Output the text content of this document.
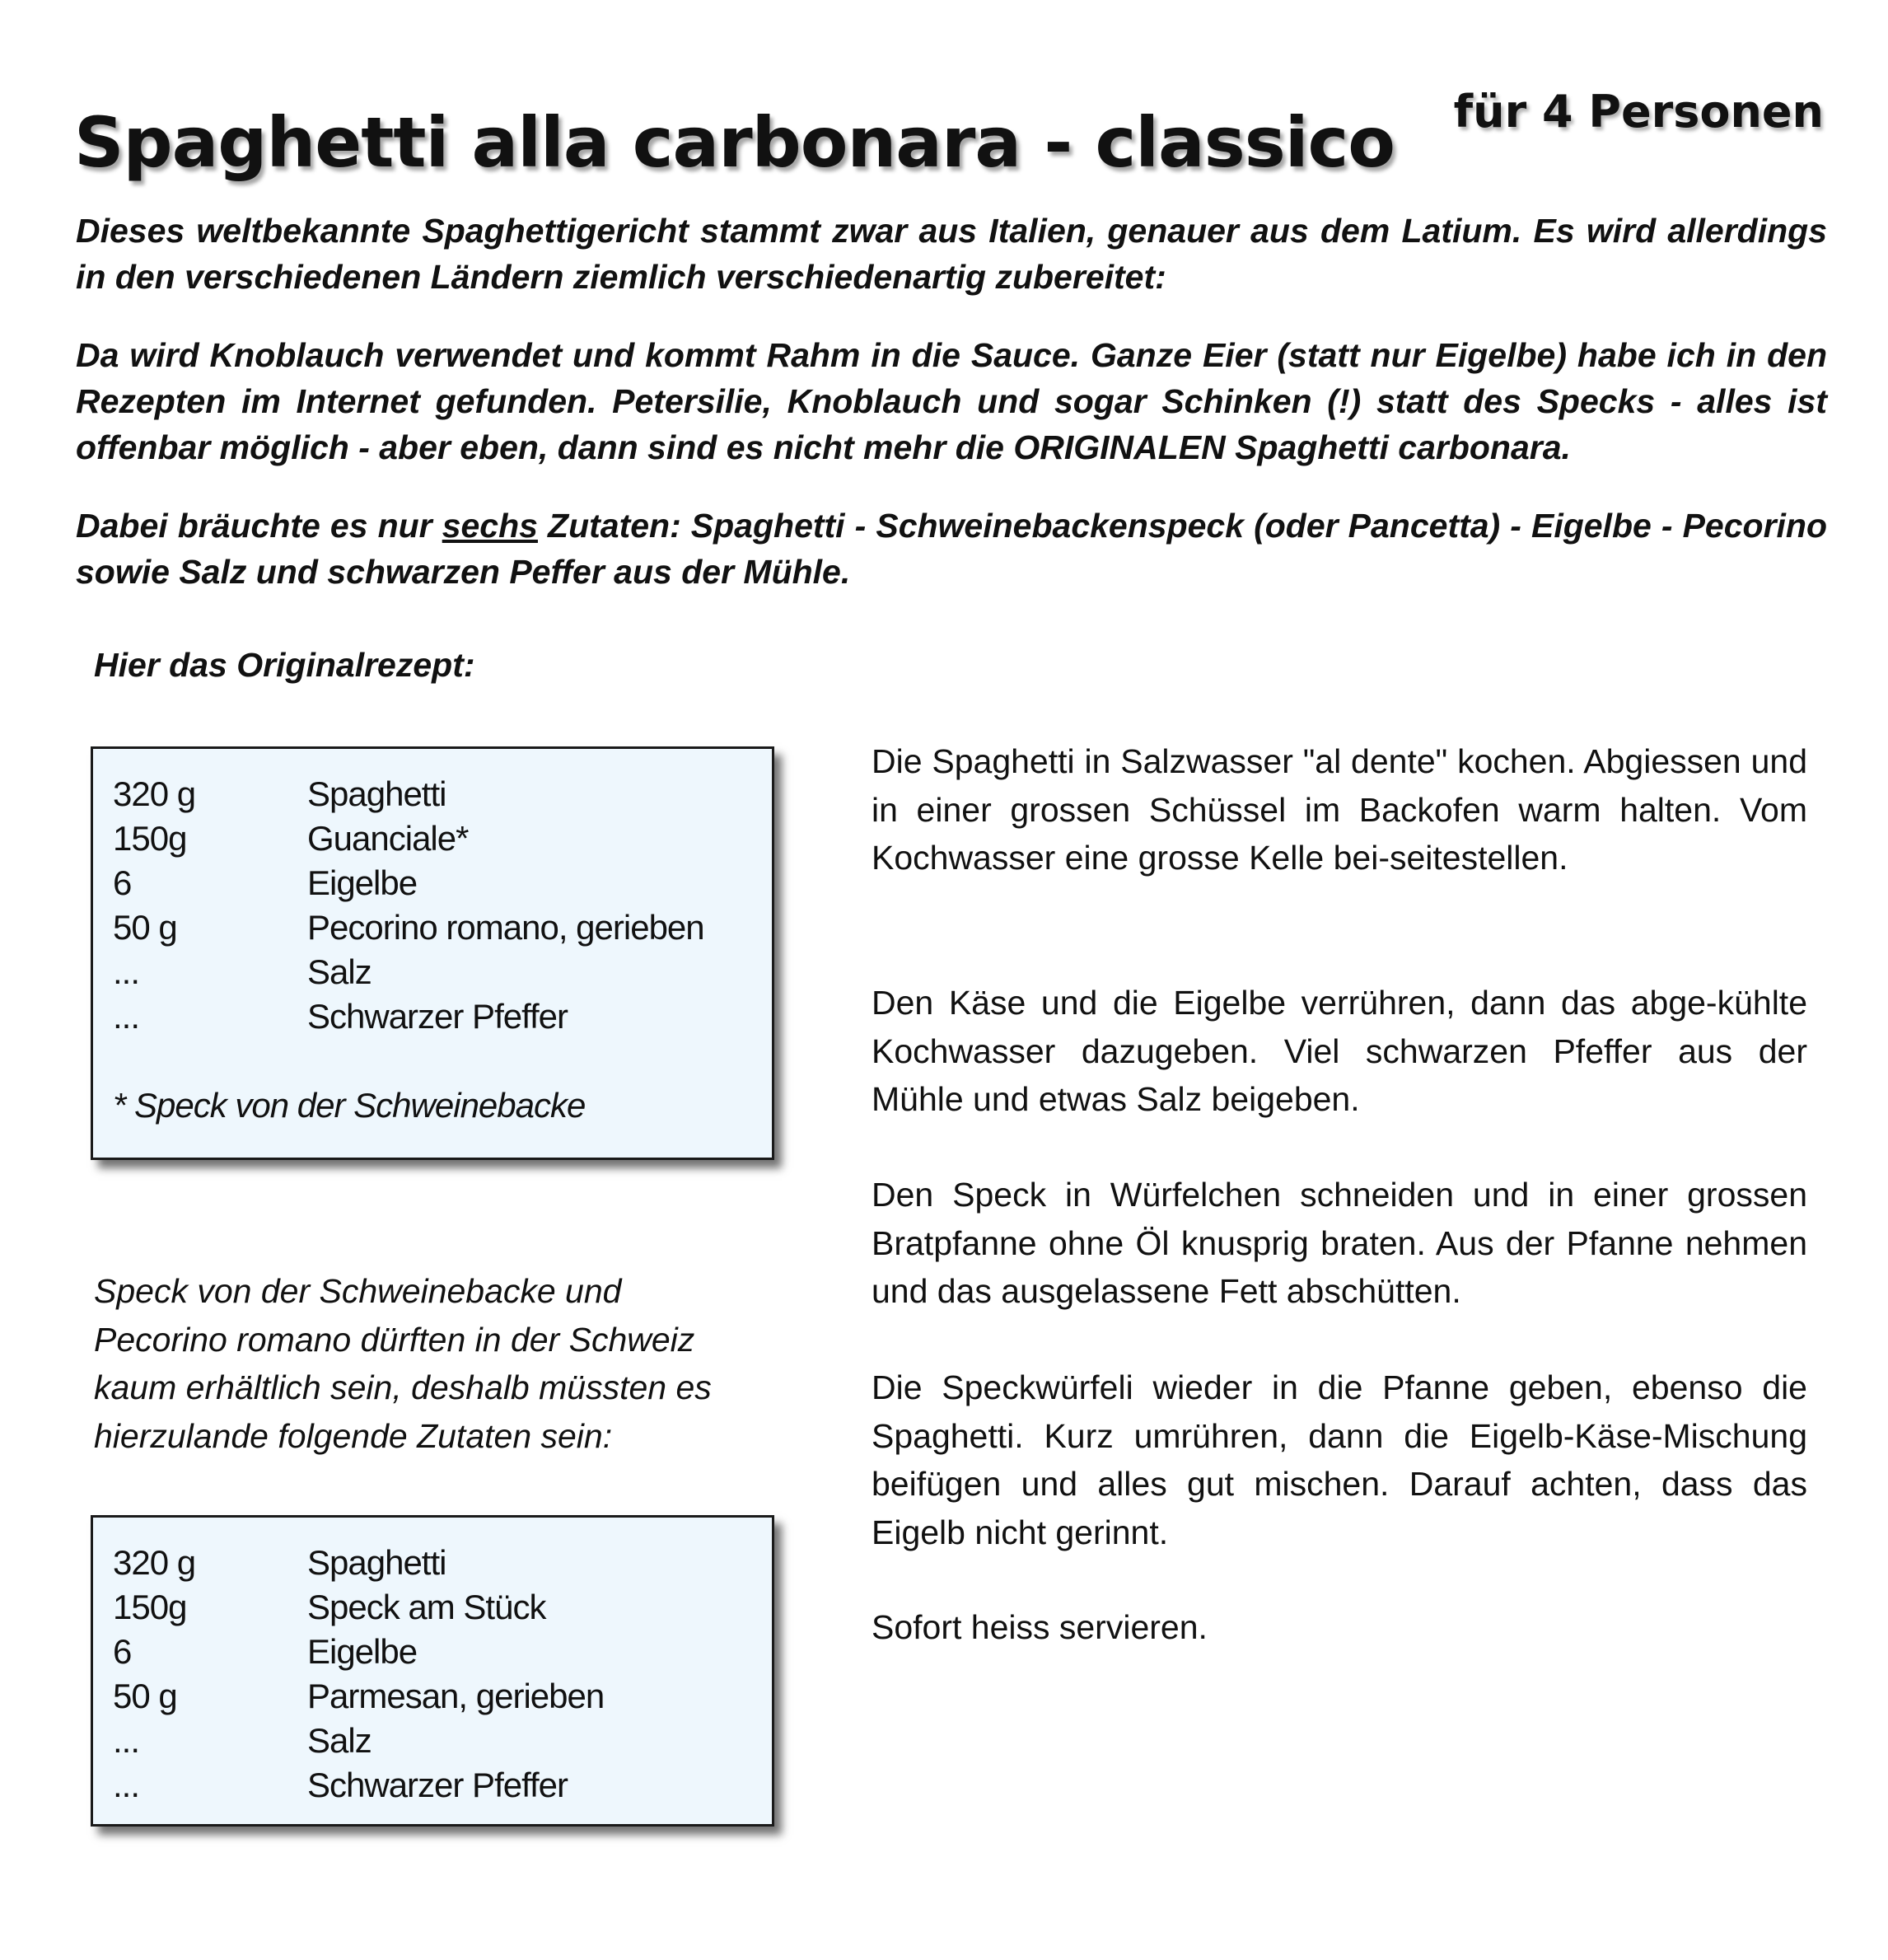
Spaghetti alla carbonara - classico für 4 Personen

Dieses weltbekannte Spaghettigericht stammt zwar aus Italien, genauer aus dem Latium. Es wird allerdings in den verschiedenen Ländern ziemlich verschiedenartig zubereitet:

Da wird Knoblauch verwendet und kommt Rahm in die Sauce. Ganze Eier (statt nur Eigelbe) habe ich in den Rezepten im Internet gefunden. Petersilie, Knoblauch und sogar Schinken (!) statt des Specks - alles ist offenbar möglich - aber eben, dann sind es nicht mehr die ORIGINALEN Spaghetti carbonara.

Dabei bräuchte es nur sechs Zutaten: Spaghetti - Schweinebackenspeck (oder Pancetta) - Eigelbe - Pecorino sowie Salz und schwarzen Peffer aus der Mühle.

Hier das Originalrezept:

320 g	Spaghetti
150g	Guanciale*
6	Eigelbe
50 g	Pecorino romano, gerieben
...	Salz
...	Schwarzer Pfeffer
* Speck von der Schweinebacke

Speck von der Schweinebacke und Pecorino romano dürften in der Schweiz kaum erhältlich sein, deshalb müssten es hierzulande folgende Zutaten sein:

320 g	Spaghetti
150g	Speck am Stück
6	Eigelbe
50 g	Parmesan, gerieben
...	Salz
...	Schwarzer Pfeffer

Die Spaghetti in Salzwasser "al dente" kochen. Abgiessen und in einer grossen Schüssel im Backofen warm halten. Vom Kochwasser eine grosse Kelle bei-seitestellen.

Den Käse und die Eigelbe verrühren, dann das abge-kühlte Kochwasser dazugeben. Viel schwarzen Pfeffer aus der Mühle und etwas Salz beigeben.

Den Speck in Würfelchen schneiden und in einer grossen Bratpfanne ohne Öl knusprig braten. Aus der Pfanne nehmen und das ausgelassene Fett abschütten.

Die Speckwürfeli wieder in die Pfanne geben, ebenso die Spaghetti. Kurz umrühren, dann die Eigelb-Käse-Mischung beifügen und alles gut mischen. Darauf achten, dass das Eigelb nicht gerinnt.

Sofort heiss servieren.
